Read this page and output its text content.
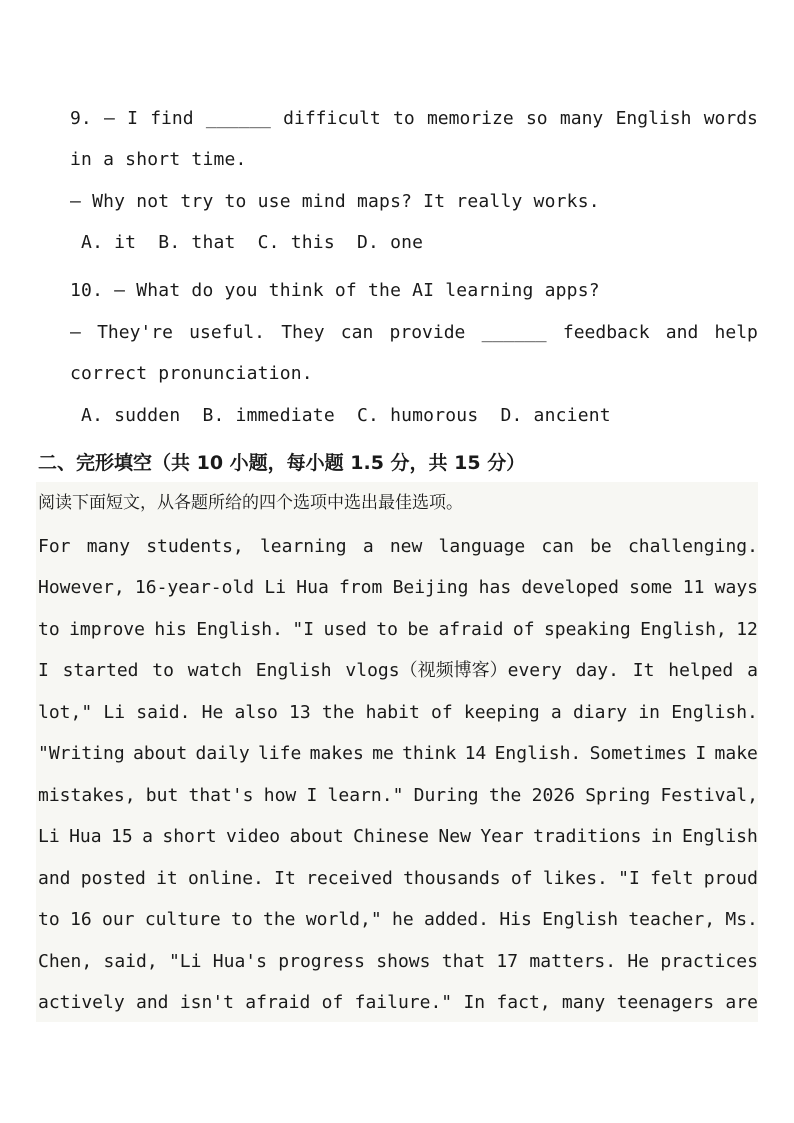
9. — I find ______ difficult to memorize so many English words
in a short time.
— Why not try to use mind maps? It really works.
A. it  B. that  C. this  D. one
10. — What do you think of the AI learning apps?
— They're useful. They can provide ______ feedback and help
correct pronunciation.
A. sudden  B. immediate  C. humorous  D. ancient
二、完形填空（共 10 小题，每小题 1.5 分，共 15 分）
阅读下面短文，从各题所给的四个选项中选出最佳选项。
For many students, learning a new language can be challenging.
However, 16-year-old Li Hua from Beijing has developed some 11 ways
to improve his English. "I used to be afraid of speaking English, 12
I started to watch English vlogs（视频博客）every day. It helped a
lot," Li said. He also 13 the habit of keeping a diary in English.
"Writing about daily life makes me think 14 English. Sometimes I make
mistakes, but that's how I learn." During the 2026 Spring Festival,
Li Hua 15 a short video about Chinese New Year traditions in English
and posted it online. It received thousands of likes. "I felt proud
to 16 our culture to the world," he added. His English teacher, Ms.
Chen, said, "Li Hua's progress shows that 17 matters. He practices
actively and isn't afraid of failure." In fact, many teenagers are
